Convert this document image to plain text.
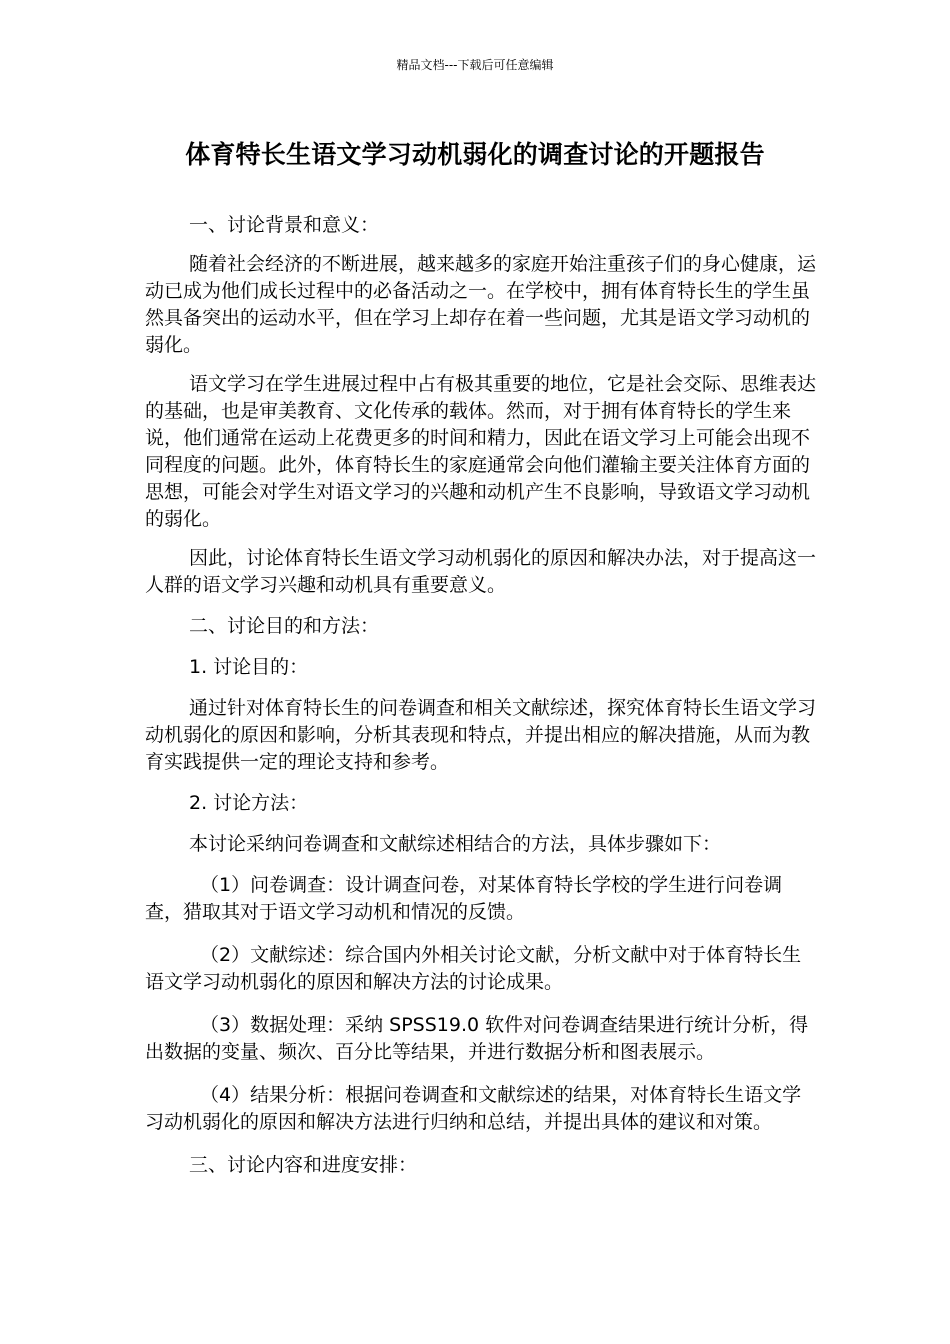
精品文档---下载后可任意编辑
体育特长生语文学习动机弱化的调查讨论的开题报告

一、讨论背景和意义：

随着社会经济的不断进展，越来越多的家庭开始注重孩子们的身心健康，运动已成为他们成长过程中的必备活动之一。在学校中，拥有体育特长生的学生虽然具备突出的运动水平，但在学习上却存在着一些问题，尤其是语文学习动机的弱化。

语文学习在学生进展过程中占有极其重要的地位，它是社会交际、思维表达的基础，也是审美教育、文化传承的载体。然而，对于拥有体育特长的学生来说，他们通常在运动上花费更多的时间和精力，因此在语文学习上可能会出现不同程度的问题。此外，体育特长生的家庭通常会向他们灌输主要关注体育方面的思想，可能会对学生对语文学习的兴趣和动机产生不良影响，导致语文学习动机的弱化。

因此，讨论体育特长生语文学习动机弱化的原因和解决办法，对于提高这一人群的语文学习兴趣和动机具有重要意义。

二、讨论目的和方法：

1. 讨论目的：

通过针对体育特长生的问卷调查和相关文献综述，探究体育特长生语文学习动机弱化的原因和影响，分析其表现和特点，并提出相应的解决措施，从而为教育实践提供一定的理论支持和参考。

2. 讨论方法：

本讨论采纳问卷调查和文献综述相结合的方法，具体步骤如下：

（1）问卷调查：设计调查问卷，对某体育特长学校的学生进行问卷调查，猎取其对于语文学习动机和情况的反馈。

（2）文献综述：综合国内外相关讨论文献，分析文献中对于体育特长生语文学习动机弱化的原因和解决方法的讨论成果。

（3）数据处理：采纳 SPSS19.0 软件对问卷调查结果进行统计分析，得出数据的变量、频次、百分比等结果，并进行数据分析和图表展示。

（4）结果分析：根据问卷调查和文献综述的结果，对体育特长生语文学习动机弱化的原因和解决方法进行归纳和总结，并提出具体的建议和对策。

三、讨论内容和进度安排：
